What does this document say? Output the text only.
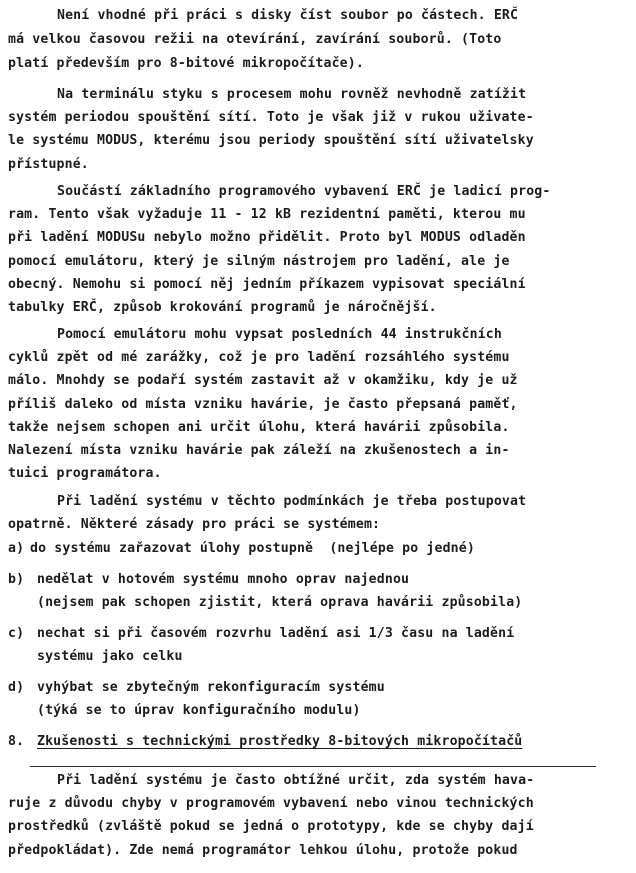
Není vhodné při práci s disky číst soubor po částech. ERČ
má velkou časovou režii na otevírání, zavírání souborů. (Toto
platí především pro 8-bitové mikropočítače).
Na terminálu styku s procesem mohu rovněž nevhodně zatížit
systém periodou spouštění sítí. Toto je však již v rukou uživate-
le systému MODUS, kterému jsou periody spouštění sítí uživatelsky
přístupné.
Součástí základního programového vybavení ERČ je ladicí prog-
ram. Tento však vyžaduje 11 - 12 kB rezidentní paměti, kterou mu
při ladění MODUSu nebylo možno přidělit. Proto byl MODUS odladěn
pomocí emulátoru, který je silným nástrojem pro ladění, ale je
obecný. Nemohu si pomocí něj jedním příkazem vypisovat speciální
tabulky ERČ, způsob krokování programů je náročnější.
Pomocí emulátoru mohu vypsat posledních 44 instrukčních
cyklů zpět od mé zarážky, což je pro ladění rozsáhlého systému
málo. Mnohdy se podaří systém zastavit až v okamžiku, kdy je už
příliš daleko od místa vzniku havárie, je často přepsaná paměť,
takže nejsem schopen ani určit úlohu, která havárii způsobila.
Nalezení místa vzniku havárie pak záleží na zkušenostech a in-
tuici programátora.
Při ladění systému v těchto podmínkách je třeba postupovat
opatrně. Některé zásady pro práci se systémem:
a) do systému zařazovat úlohy postupně  (nejlépe po jedné)
b) nedělat v hotovém systému mnoho oprav najednou
(nejsem pak schopen zjistit, která oprava havárii způsobila)
c) nechat si při časovém rozvrhu ladění asi 1/3 času na ladění
systému jako celku
d) vyhýbat se zbytečným rekonfiguracím systému
(týká se to úprav konfiguračního modulu)
8. Zkušenosti s technickými prostředky 8-bitových mikropočítačů
Při ladění systému je často obtížné určit, zda systém hava-
ruje z důvodu chyby v programovém vybavení nebo vinou technických
prostředků (zvláště pokud se jedná o prototypy, kde se chyby dají
předpokládat). Zde nemá programátor lehkou úlohu, protože pokud
